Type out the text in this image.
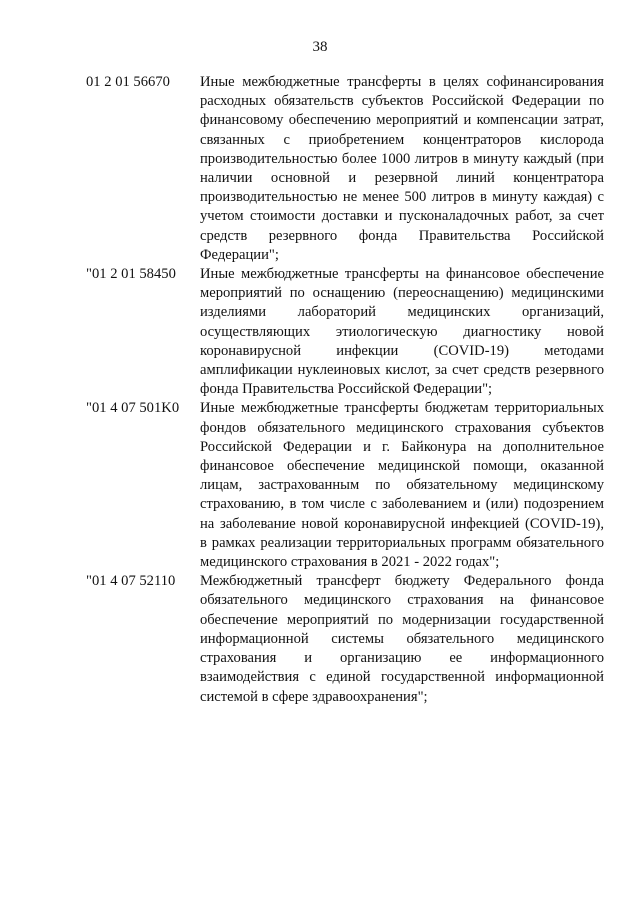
38
01 2 01 56670	Иные межбюджетные трансферты в целях софинансирования расходных обязательств субъектов Российской Федерации по финансовому обеспечению мероприятий и компенсации затрат, связанных с приобретением концентраторов кислорода производительностью более 1000 литров в минуту каждый (при наличии основной и резервной линий концентратора производительностью не менее 500 литров в минуту каждая) с учетом стоимости доставки и пусконаладочных работ, за счет средств резервного фонда Правительства Российской Федерации";
"01 2 01 58450	Иные межбюджетные трансферты на финансовое обеспечение мероприятий по оснащению (переоснащению) медицинскими изделиями лабораторий медицинских организаций, осуществляющих этиологическую диагностику новой коронавирусной инфекции (COVID-19) методами амплификации нуклеиновых кислот, за счет средств резервного фонда Правительства Российской Федерации";
"01 4 07 501K0	Иные межбюджетные трансферты бюджетам территориальных фондов обязательного медицинского страхования субъектов Российской Федерации и г. Байконура на дополнительное финансовое обеспечение медицинской помощи, оказанной лицам, застрахованным по обязательному медицинскому страхованию, в том числе с заболеванием и (или) подозрением на заболевание новой коронавирусной инфекцией (COVID-19), в рамках реализации территориальных программ обязательного медицинского страхования в 2021 - 2022 годах";
"01 4 07 52110	Межбюджетный трансферт бюджету Федерального фонда обязательного медицинского страхования на финансовое обеспечение мероприятий по модернизации государственной информационной системы обязательного медицинского страхования и организацию ее информационного взаимодействия с единой государственной информационной системой в сфере здравоохранения";
